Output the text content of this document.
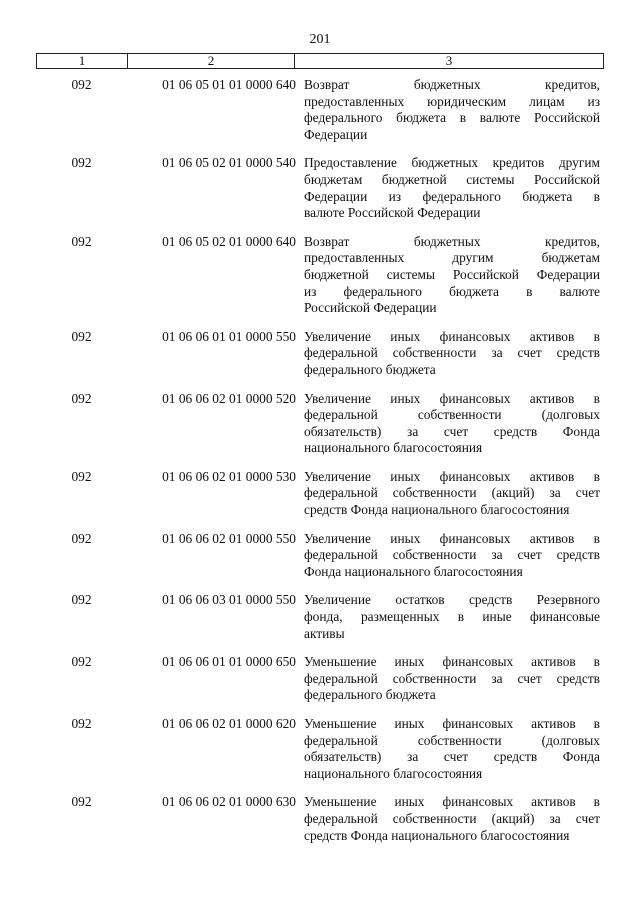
201
1	2	3
092	01 06 05 01 01 0000 640 Возврат бюджетных кредитов,
предоставленных юридическим лицам из
федерального бюджета в валюте Российской
Федерации
092	01 06 05 02 01 0000 540 Предоставление бюджетных кредитов другим
бюджетам бюджетной системы Российской
Федерации из федерального бюджета в
валюте Российской Федерации
092	01 06 05 02 01 0000 640 Возврат бюджетных кредитов,
предоставленных другим бюджетам
бюджетной системы Российской Федерации
из федерального бюджета в валюте
Российской Федерации
092	01 06 06 01 01 0000 550 Увеличение иных финансовых активов в
федеральной собственности за счет средств
федерального бюджета
092	01 06 06 02 01 0000 520 Увеличение иных финансовых активов в
федеральной собственности (долговых
обязательств) за счет средств Фонда
национального благосостояния
092	01 06 06 02 01 0000 530 Увеличение иных финансовых активов в
федеральной собственности (акций) за счет
средств Фонда национального благосостояния
092	01 06 06 02 01 0000 550 Увеличение иных финансовых активов в
федеральной собственности за счет средств
Фонда национального благосостояния
092	01 06 06 03 01 0000 550 Увеличение остатков средств Резервного
фонда, размещенных в иные финансовые
активы
092	01 06 06 01 01 0000 650 Уменьшение иных финансовых активов в
федеральной собственности за счет средств
федерального бюджета
092	01 06 06 02 01 0000 620 Уменьшение иных финансовых активов в
федеральной собственности (долговых
обязательств) за счет средств Фонда
национального благосостояния
092	01 06 06 02 01 0000 630 Уменьшение иных финансовых активов в
федеральной собственности (акций) за счет
средств Фонда национального благосостояния
